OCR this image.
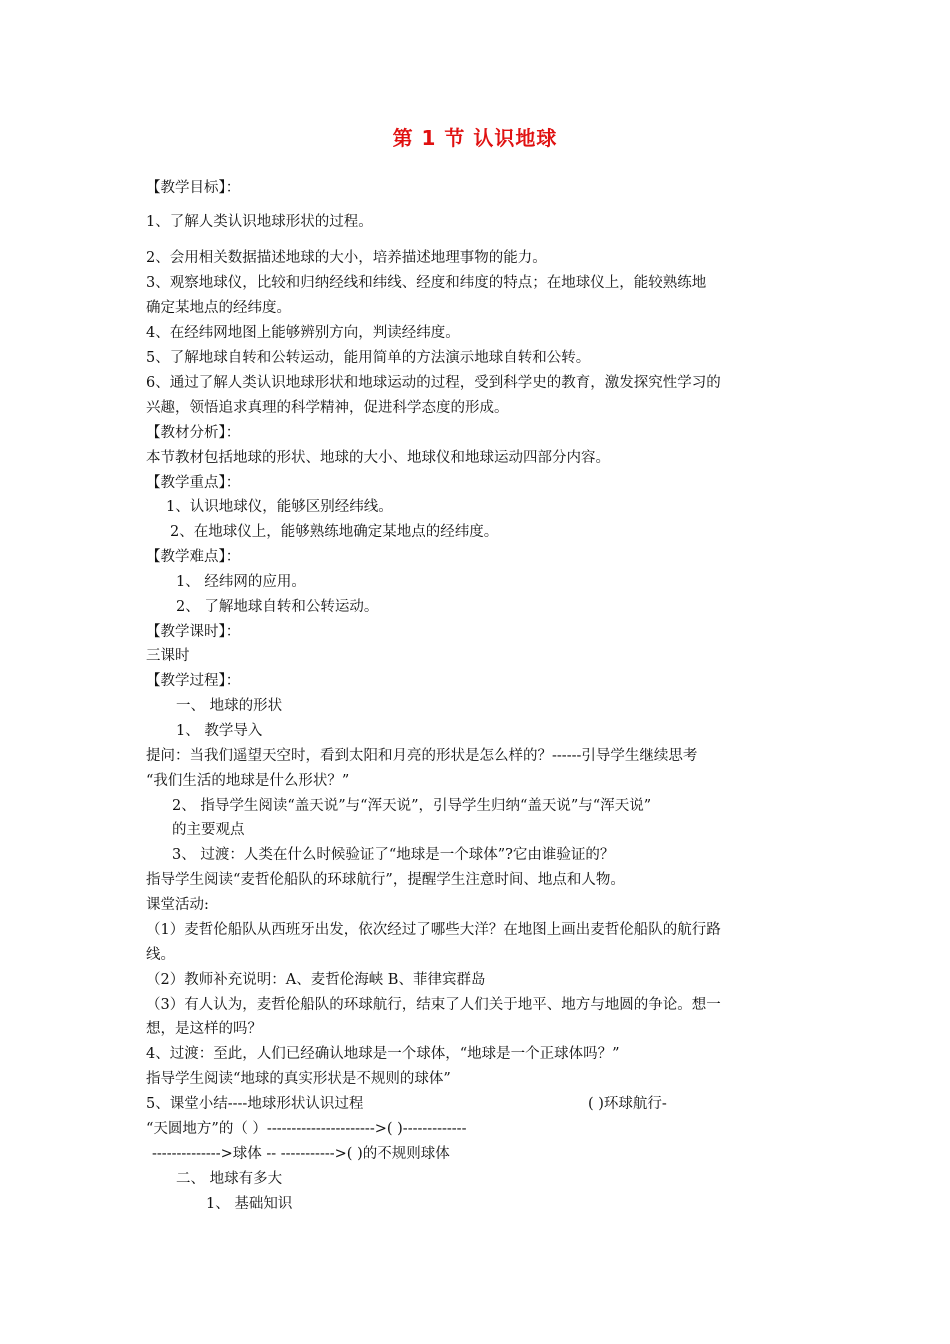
第 1 节 认识地球
【教学目标】：
1、了解人类认识地球形状的过程。
2、会用相关数据描述地球的大小，培养描述地理事物的能力。
3、观察地球仪，比较和归纳经线和纬线、经度和纬度的特点；在地球仪上，能较熟练地
确定某地点的经纬度。
4、在经纬网地图上能够辨别方向，判读经纬度。
5、了解地球自转和公转运动，能用简单的方法演示地球自转和公转。
6、通过了解人类认识地球形状和地球运动的过程，受到科学史的教育，激发探究性学习的
兴趣，领悟追求真理的科学精神，促进科学态度的形成。
【教材分析】：
本节教材包括地球的形状、地球的大小、地球仪和地球运动四部分内容。
【教学重点】：
1、认识地球仪，能够区别经纬线。
2、在地球仪上，能够熟练地确定某地点的经纬度。
【教学难点】：
1、 经纬网的应用。
2、 了解地球自转和公转运动。
【教学课时】：
三课时
【教学过程】：
一、 地球的形状
1、 教学导入
提问：当我们遥望天空时，看到太阳和月亮的形状是怎么样的？------引导学生继续思考
“我们生活的地球是什么形状？”
2、 指导学生阅读“盖天说”与“浑天说”，引导学生归纳“盖天说”与“浑天说”
的主要观点
3、 过渡：人类在什么时候验证了“地球是一个球体”?它由谁验证的？
指导学生阅读“麦哲伦船队的环球航行”，提醒学生注意时间、地点和人物。
课堂活动:
（1）麦哲伦船队从西班牙出发，依次经过了哪些大洋？在地图上画出麦哲伦船队的航行路
线。
（2）教师补充说明：A、麦哲伦海峡 B、菲律宾群岛
（3）有人认为，麦哲伦船队的环球航行，结束了人们关于地平、地方与地圆的争论。想一
想，是这样的吗？
4、过渡：至此，人们已经确认地球是一个球体，“地球是一个正球体吗？”
指导学生阅读“地球的真实形状是不规则的球体”
5、课堂小结----地球形状认识过程	( )环球航行-
“天圆地方”的（ ）---------------------->( )-------------
-------------->球体 -- ----------->( )的不规则球体
二、 地球有多大
1、 基础知识
